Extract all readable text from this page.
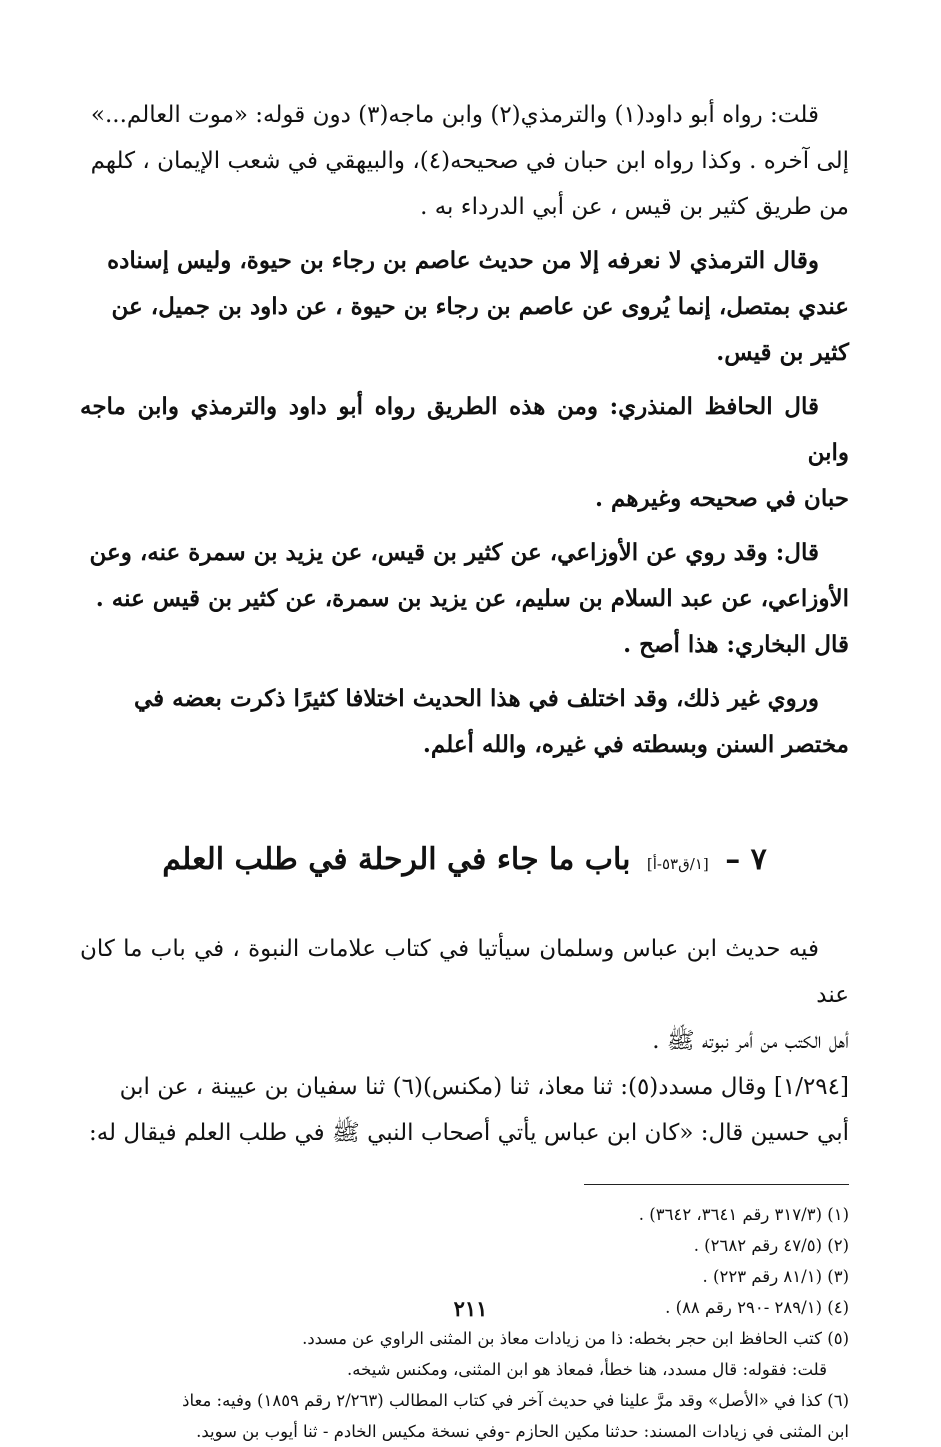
قلت: رواه أبو داود(١) والترمذي(٢) وابن ماجه(٣) دون قوله: «موت العالم...»
إلى آخره . وكذا رواه ابن حبان في صحيحه(٤)، والبيهقي في شعب الإيمان ، كلهم
من طريق كثير بن قيس ، عن أبي الدرداء به .

وقال الترمذي لا نعرفه إلا من حديث عاصم بن رجاء بن حيوة، وليس إسناده
عندي بمتصل، إنما يُروى عن عاصم بن رجاء بن حيوة ، عن داود بن جميل، عن
كثير بن قيس.

قال الحافظ المنذري: ومن هذه الطريق رواه أبو داود والترمذي وابن ماجه وابن
حبان في صحيحه وغيرهم .

قال: وقد روي عن الأوزاعي، عن كثير بن قيس، عن يزيد بن سمرة عنه، وعن
الأوزاعي، عن عبد السلام بن سليم، عن يزيد بن سمرة، عن كثير بن قيس عنه .
قال البخاري: هذا أصح .

وروي غير ذلك، وقد اختلف في هذا الحديث اختلافا كثيرًا ذكرت بعضه في
مختصر السنن وبسطته في غيره، والله أعلم.

٧ – [١/ق٥٣-أ] باب ما جاء في الرحلة في طلب العلم

فيه حديث ابن عباس وسلمان سيأتيا في كتاب علامات النبوة ، في باب ما كان عند
أهل الكتب من أمر نبوته ﷺ .

[١/٢٩٤] وقال مسدد(٥): ثنا معاذ، ثنا (مكنس)(٦) ثنا سفيان بن عيينة ، عن ابن
أبي حسين قال: «كان ابن عباس يأتي أصحاب النبي ﷺ في طلب العلم فيقال له:

(١) (٣١٧/٣ رقم ٣٦٤١، ٣٦٤٢) .
(٢) (٤٧/٥ رقم ٢٦٨٢) .
(٣) (٨١/١ رقم ٢٢٣) .
(٤) (٢٨٩/١ -٢٩٠ رقم ٨٨) .
(٥) كتب الحافظ ابن حجر بخطه: ذا من زيادات معاذ بن المثنى الراوي عن مسدد.
قلت: فقوله: قال مسدد، هنا خطأ، فمعاذ هو ابن المثنى، ومكنس شيخه.
(٦) كذا في «الأصل» وقد مرَّ علينا في حديث آخر في كتاب المطالب (٢/٢٦٣ رقم ١٨٥٩) وفيه: معاذ
ابن المثنى في زيادات المسند: حدثنا مكين الحازم -وفي نسخة مكيس الخادم - ثنا أيوب بن سويد.
٢١١
